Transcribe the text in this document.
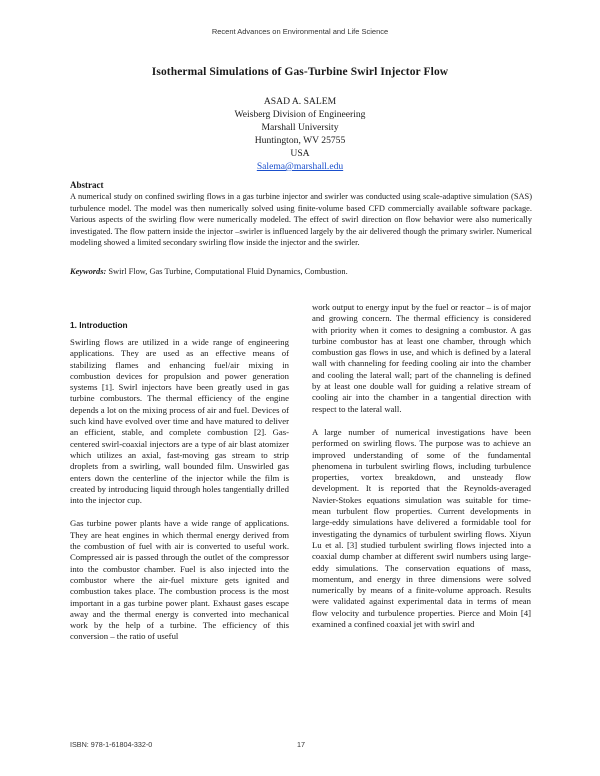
Recent Advances on Environmental and Life Science
Isothermal Simulations of Gas-Turbine Swirl Injector Flow
ASAD A. SALEM
Weisberg Division of Engineering
Marshall University
Huntington, WV 25755
USA
Salema@marshall.edu
Abstract
A numerical study on confined swirling flows in a gas turbine injector and swirler was conducted using scale-adaptive simulation (SAS) turbulence model. The model was then numerically solved using finite-volume based CFD commercially available software package. Various aspects of the swirling flow were numerically modeled. The effect of swirl direction on flow behavior were also numerically investigated. The flow pattern inside the injector –swirler is influenced largely by the air delivered though the primary swirler. Numerical modeling showed a limited secondary swirling flow inside the injector and the swirler.
Keywords: Swirl Flow, Gas Turbine, Computational Fluid Dynamics, Combustion.
1. Introduction

Swirling flows are utilized in a wide range of engineering applications. They are used as an effective means of stabilizing flames and enhancing fuel/air mixing in combustion devices for propulsion and power generation systems [1]. Swirl injectors have been greatly used in gas turbine combustors. The thermal efficiency of the engine depends a lot on the mixing process of air and fuel. Devices of such kind have evolved over time and have matured to deliver an efficient, stable, and complete combustion [2]. Gas-centered swirl-coaxial injectors are a type of air blast atomizer which utilizes an axial, fast-moving gas stream to strip droplets from a swirling, wall bounded film. Unswirled gas enters down the centerline of the injector while the film is created by introducing liquid through holes tangentially drilled into the injector cup.

Gas turbine power plants have a wide range of applications. They are heat engines in which thermal energy derived from the combustion of fuel with air is converted to useful work. Compressed air is passed through the outlet of the compressor into the combustor chamber. Fuel is also injected into the combustor where the air-fuel mixture gets ignited and combustion takes place. The combustion process is the most important in a gas turbine power plant. Exhaust gases escape away and the thermal energy is converted into mechanical work by the help of a turbine. The efficiency of this conversion – the ratio of useful

work output to energy input by the fuel or reactor – is of major and growing concern. The thermal efficiency is considered with priority when it comes to designing a combustor. A gas turbine combustor has at least one chamber, through which combustion gas flows in use, and which is defined by a lateral wall with channeling for feeding cooling air into the chamber and cooling the lateral wall; part of the channeling is defined by at least one double wall for guiding a relative stream of cooling air into the chamber in a tangential direction with respect to the lateral wall.

A large number of numerical investigations have been performed on swirling flows. The purpose was to achieve an improved understanding of some of the fundamental phenomena in turbulent swirling flows, including turbulence properties, vortex breakdown, and unsteady flow development. It is reported that the Reynolds-averaged Navier-Stokes equations simulation was suitable for time-mean turbulent flow properties. Current developments in large-eddy simulations have delivered a formidable tool for investigating the dynamics of turbulent swirling flows. Xiyun Lu et al. [3] studied turbulent swirling flows injected into a coaxial dump chamber at different swirl numbers using large-eddy simulations. The conservation equations of mass, momentum, and energy in three dimensions were solved numerically by means of a finite-volume approach. Results were validated against experimental data in terms of mean flow velocity and turbulence properties. Pierce and Moin [4] examined a confined coaxial jet with swirl and

ISBN: 978-1-61804-332-0	17
